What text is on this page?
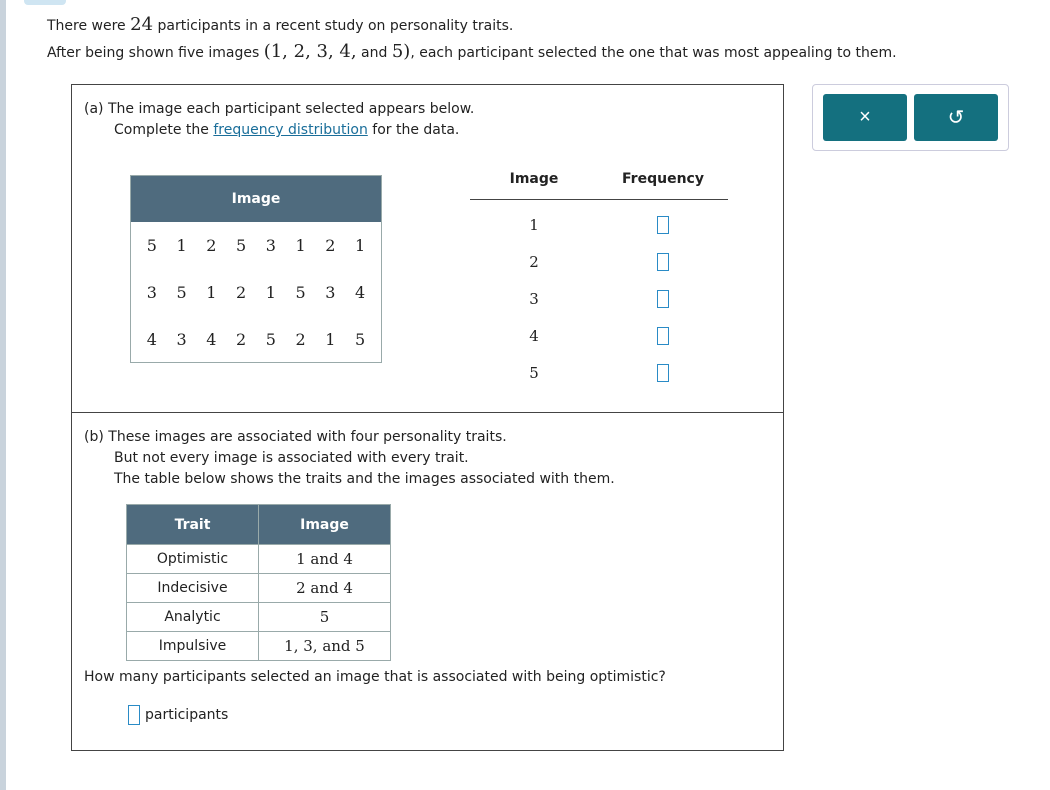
There were 24 participants in a recent study on personality traits.
After being shown five images (1, 2, 3, 4, and 5), each participant selected the one that was most appealing to them.
(a) The image each participant selected appears below.
Complete the frequency distribution for the data.
Image
5 1 2 5 3 1 2 1
3 5 1 2 1 5 3 4
4 3 4 2 5 2 1 5
Image	Frequency
1
2
3
4
5
(b) These images are associated with four personality traits.
But not every image is associated with every trait.
The table below shows the traits and the images associated with them.
Trait	Image
Optimistic	1 and 4
Indecisive	2 and 4
Analytic	5
Impulsive	1, 3, and 5
How many participants selected an image that is associated with being optimistic?
participants
×	↺
